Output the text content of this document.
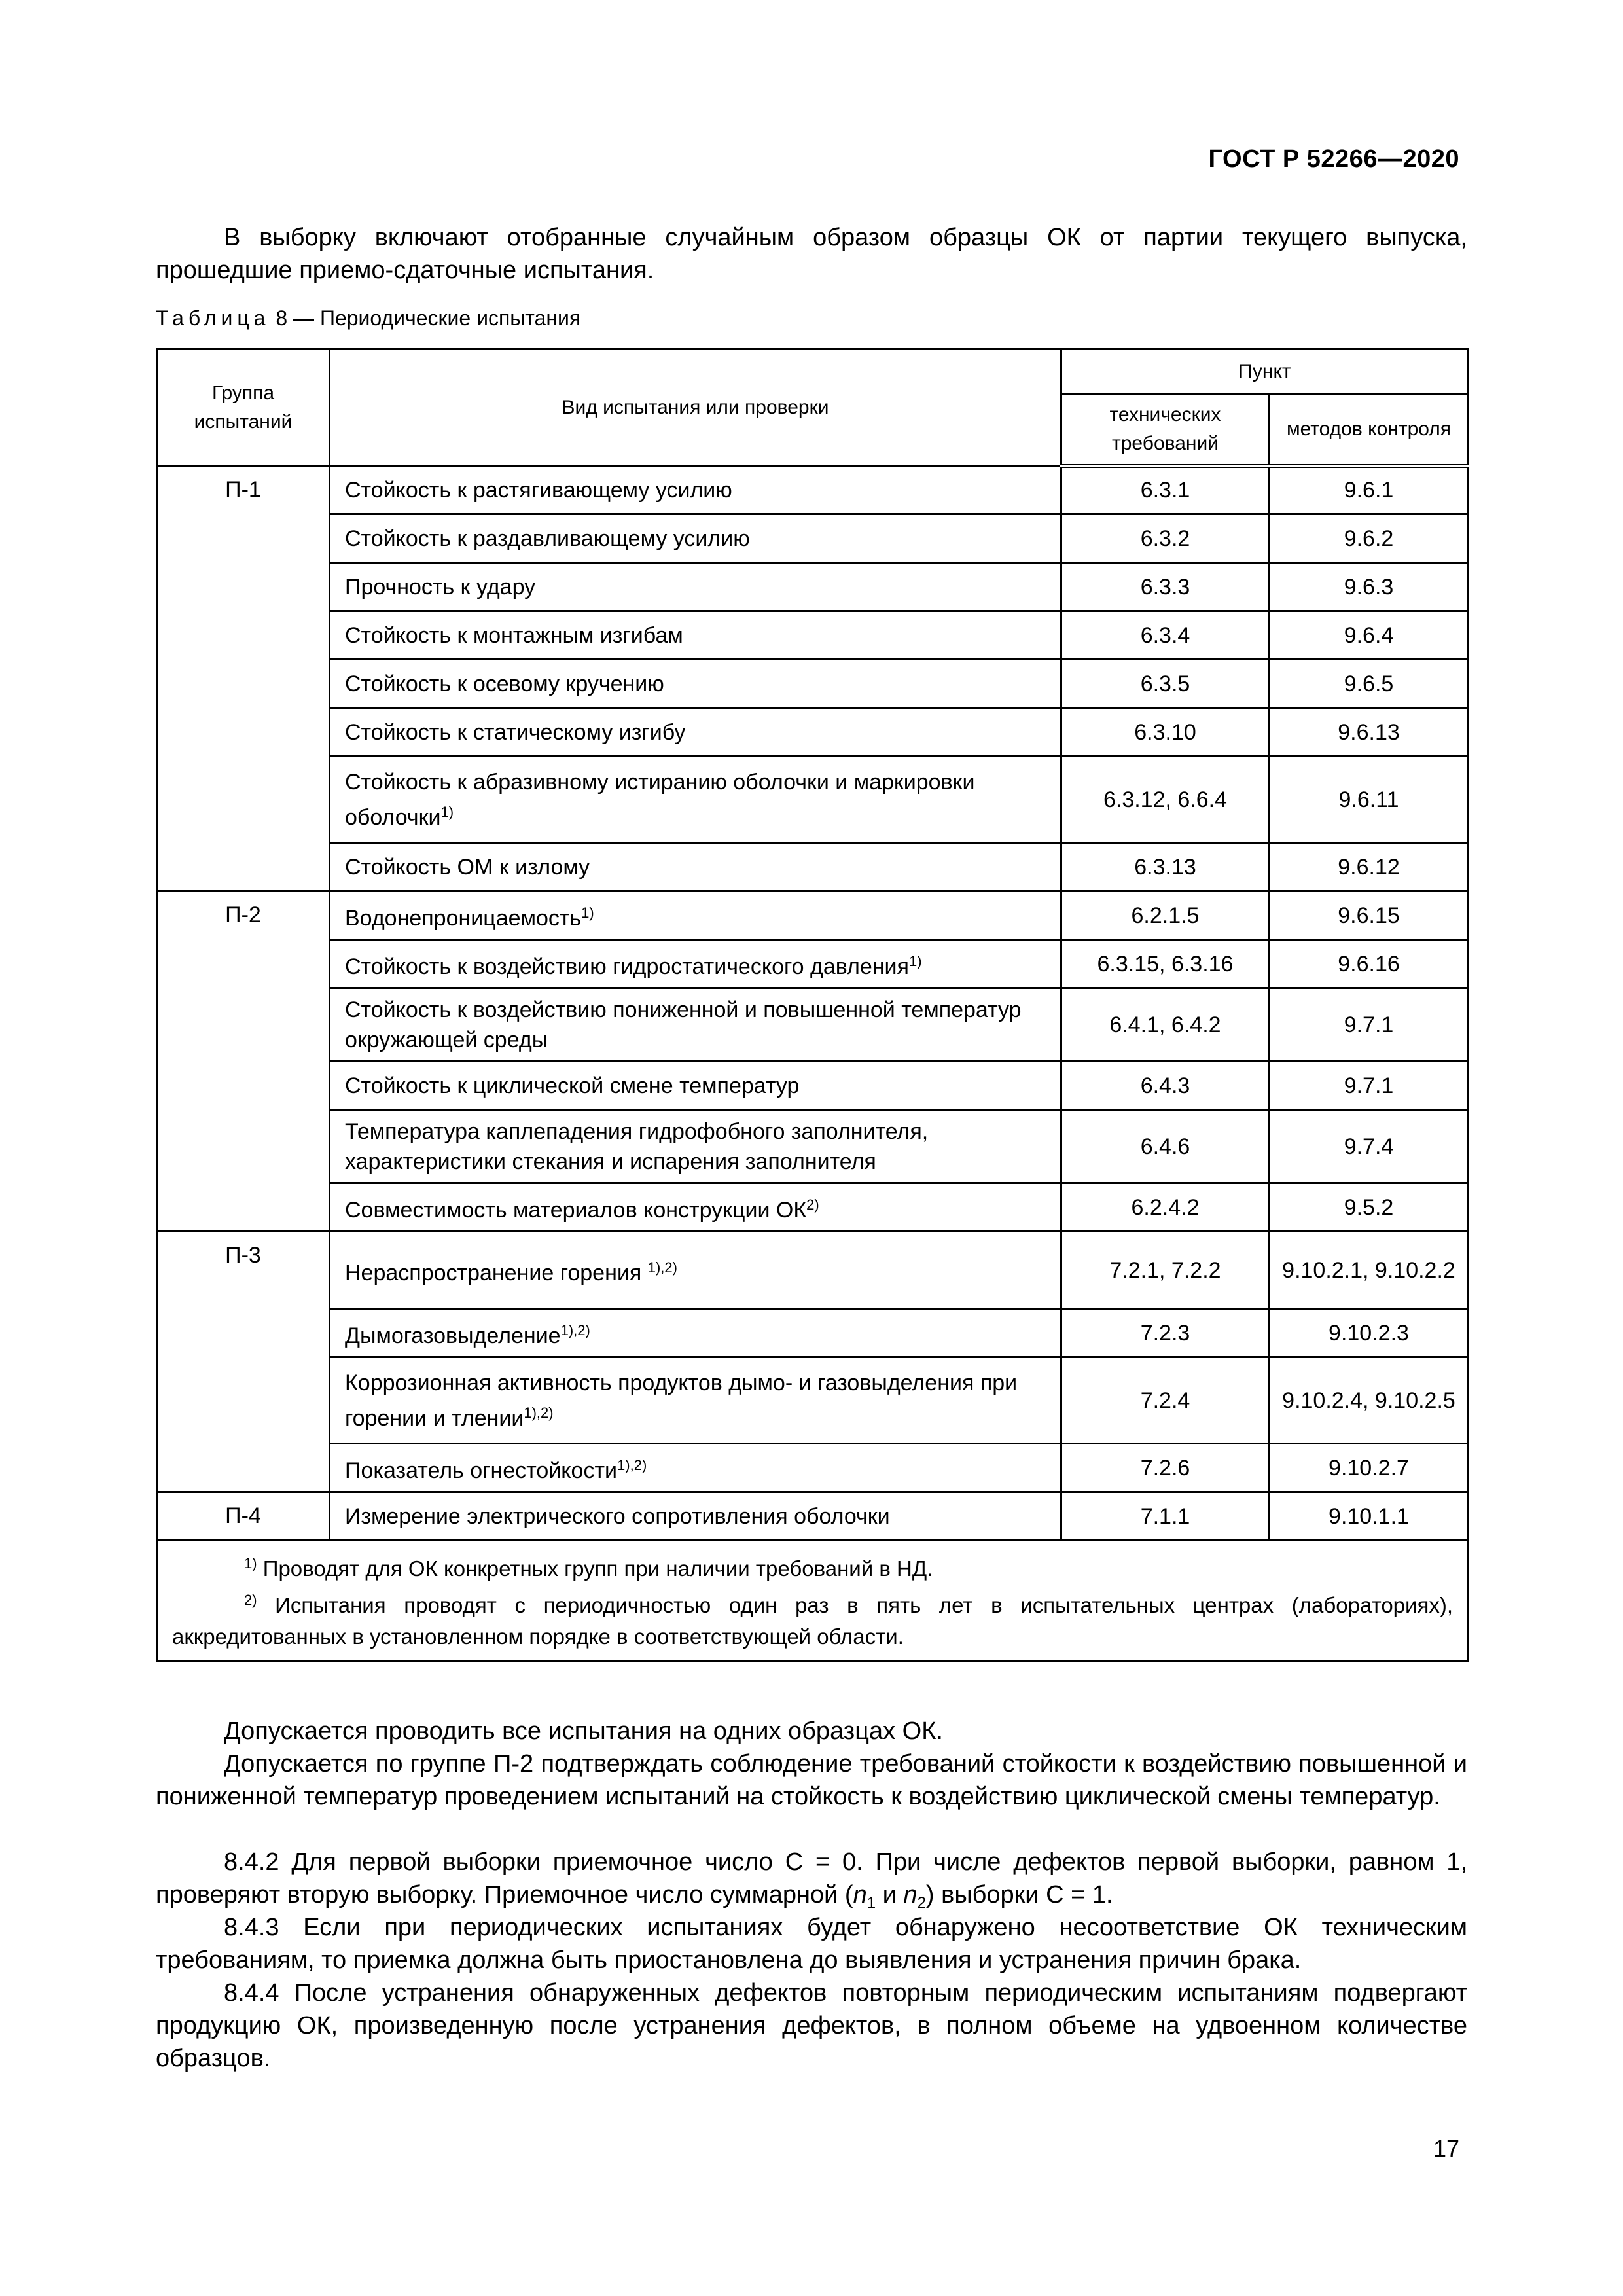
ГОСТ Р 52266—2020
В выборку включают отобранные случайным образом образцы ОК от партии текущего выпуска, прошедшие приемо-сдаточные испытания.
Таблица 8 — Периодические испытания
Группа испытаний	Вид испытания или проверки	Пункт	
		технических требований	методов контроля
П-1	Стойкость к растягивающему усилию	6.3.1	9.6.1
	Стойкость к раздавливающему усилию	6.3.2	9.6.2
	Прочность к удару	6.3.3	9.6.3
	Стойкость к монтажным изгибам	6.3.4	9.6.4
	Стойкость к осевому кручению	6.3.5	9.6.5
	Стойкость к статическому изгибу	6.3.10	9.6.13
	Стойкость к абразивному истиранию оболочки и маркировки оболочки$^{1)}$	6.3.12, 6.6.4	9.6.11
	Стойкость ОМ к излому	6.3.13	9.6.12
П-2	Водонепроницаемость$^{1)}$	6.2.1.5	9.6.15
	Стойкость к воздействию гидростатического давления$^{1)}$	6.3.15, 6.3.16	9.6.16
	Стойкость к воздействию пониженной и повышенной температур окружающей среды	6.4.1, 6.4.2	9.7.1
	Стойкость к циклической смене температур	6.4.3	9.7.1
	Температура каплепадения гидрофобного заполнителя, характеристики стекания и испарения заполнителя	6.4.6	9.7.4
	Совместимость материалов конструкции ОК$^{2)}$	6.2.4.2	9.5.2
П-3	Нераспространение горения $^{1),2)}$	7.2.1, 7.2.2	9.10.2.1, 9.10.2.2
	Дымогазовыделение$^{1),2)}$	7.2.3	9.10.2.3
	Коррозионная активность продуктов дымо- и газовыделения при горении и тлении$^{1),2)}$	7.2.4	9.10.2.4, 9.10.2.5
	Показатель огнестойкости$^{1),2)}$	7.2.6	9.10.2.7
П-4	Измерение электрического сопротивления оболочки	7.1.1	9.10.1.1

$^{1)}$ Проводят для ОК конкретных групп при наличии требований в НД.
$^{2)}$ Испытания проводят с периодичностью один раз в пять лет в испытательных центрах (лабораториях), аккредитованных в установленном порядке в соответствующей области.			
Допускается проводить все испытания на одних образцах ОК.
Допускается по группе П-2 подтверждать соблюдение требований стойкости к воздействию повышенной и пониженной температур проведением испытаний на стойкость к воздействию циклической смены температур.
8.4.2 Для первой выборки приемочное число С = 0. При числе дефектов первой выборки, равном 1, проверяют вторую выборку. Приемочное число суммарной ($n_1$ и $n_2$) выборки С = 1.
8.4.3 Если при периодических испытаниях будет обнаружено несоответствие ОК техническим требованиям, то приемка должна быть приостановлена до выявления и устранения причин брака.
8.4.4 После устранения обнаруженных дефектов повторным периодическим испытаниям подвергают продукцию ОК, произведенную после устранения дефектов, в полном объеме на удвоенном количестве образцов.
17
